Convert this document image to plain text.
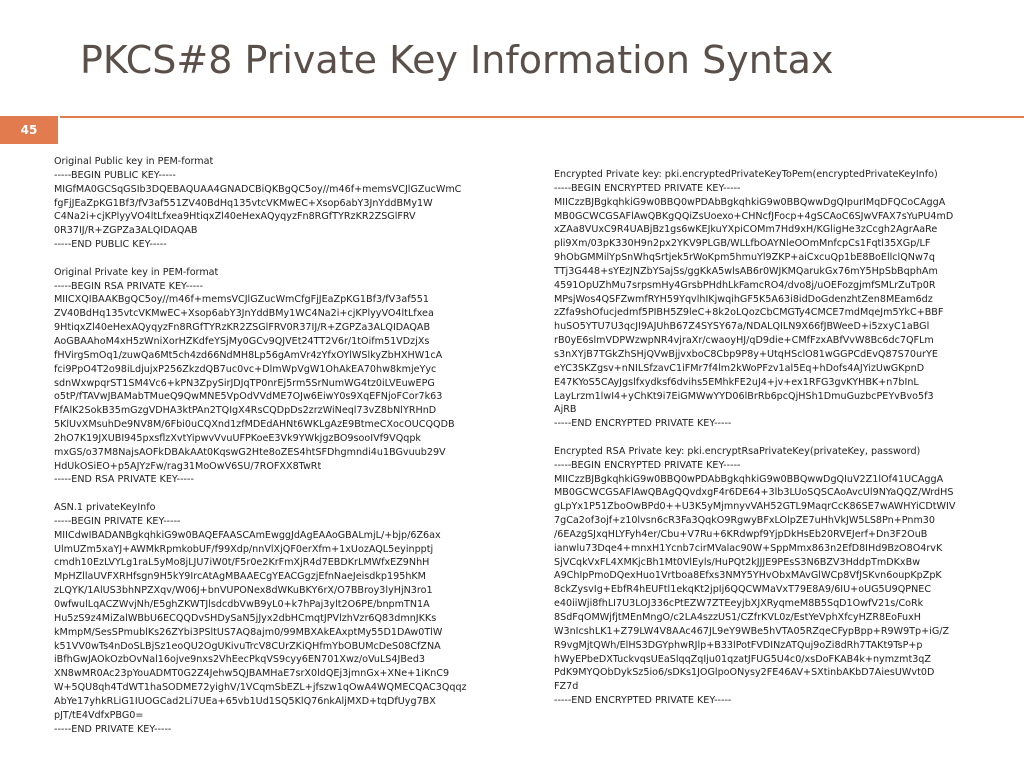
PKCS#8 Private Key Information Syntax
45
Original Public key in PEM-format
-----BEGIN PUBLIC KEY-----
MIGfMA0GCSqGSIb3DQEBAQUAA4GNADCBiQKBgQC5oy//m46f+memsVCJlGZucWmC
fgFjJEaZpKG1Bf3/fV3af551ZV40BdHq135vtcVKMwEC+Xsop6abY3JnYddBMy1W
C4Na2i+cjKPlyyVO4ltLfxea9HtiqxZl40eHexAQyqyzFn8RGfTYRzKR2ZSGlFRV
0R37IJ/R+ZGPZa3ALQIDAQAB
-----END PUBLIC KEY-----
Original Private key in PEM-format
-----BEGIN RSA PRIVATE KEY-----
MIICXQIBAAKBgQC5oy//m46f+memsVCJlGZucWmCfgFjJEaZpKG1Bf3/fV3af551
ZV40BdHq135vtcVKMwEC+Xsop6abY3JnYddBMy1WC4Na2i+cjKPlyyVO4ltLfxea
9HtiqxZl40eHexAQyqyzFn8RGfTYRzKR2ZSGlFRV0R37IJ/R+ZGPZa3ALQIDAQAB
AoGBAAhoM4xH5zWniXorHZKdfeYSjMy0GCv9QJVEt24TT2V6r/1tOifm51VDzjXs
fHVirgSmOq1/zuwQa6Mt5ch4zd66NdMH8Lp56gAmVr4zYfxOYlWSlkyZbHXHW1cA
fci9PpO4T2o98iLdjujxP256ZkzdQB7uc0vc+DlmWpVgW1OhAkEA70hw8kmjeYyc
sdnWxwpqrST1SM4Vc6+kPN3ZpySirJDJqTP0nrEj5rm5SrNumWG4tz0iLVEuwEPG
o5tP/fTAVwJBAMabTMueQ9QwMNE5VpOdVVdME7OJw6EiwY0s9XqEFNjoFCor7k63
FfAlK2SokB35mGzgVDHA3ktPAn2TQIgX4RsCQDpDs2zrzWiNeql73vZ8bNlYRHnD
5KlUvXMsuhDe9NV8M/6Fbi0uCQXnd1zfMDEdAHNt6WKLgAzE9BtmeCXocOUCQQDB
2hO7K19JXUBI945pxsflzXvtYipwvVvuUFPKoeE3Vk9YWkjgzBO9sooIVf9VQqpk
mxGS/o37M8NajsAOFkDBAkAAt0KqswG2Hte8oZES4htSFDhgmndi4u1BGvuub29V
HdUkOSiEO+p5AJYzFw/rag31MoOwV6SU/7ROFXX8TwRt
-----END RSA PRIVATE KEY-----
ASN.1 privateKeyInfo
-----BEGIN PRIVATE KEY-----
MIICdwIBADANBgkqhkiG9w0BAQEFAASCAmEwggJdAgEAAoGBALmjL/+bjp/6Z6ax
UlmUZm5xaYJ+AWMkRpmkobUF/f99Xdp/nnVlXjQF0erXfm+1xUozAQL5eyinpptj
cmdh10EzLVYLg1raL5yMo8jLJU7iW0t/F5r0e2KrFmXjR4d7EBDKrLMWfxEZ9NhH
MpHZllaUVFXRHfsgn9H5kY9IrcAtAgMBAAECgYEACGgzjEfnNaeJeisdkp195hKM
zLQYK/1AlUS3bhNPZXqv/W06J+bnVUPONex8dWKuBKY6rX/O7BBroy3lyHjN3ro1
0wfwulLqACZWvjNh/E5ghZKWTJlsdcdbVwB9yL0+k7hPaj3ylt2O6PE/bnpmTN1A
Hu5zS9z4MiZalWBbU6ECQQDvSHDySaN5jJyx2dbHCmqtJPVlzhVzr6Q83dmnJKKs
kMmpM/SesSPmublKs26ZYbi3PSltUS7AQ8ajm0/99MBXAkEAxptMy55D1DAw0TlW
k51VV0wTs4nDoSLBjSz1eoQU2OgUKivuTrcV8CUrZKiQHfmYbOBUMcDeS08CfZNA
iBfhGwJAOkOzbOvNal16ojve9nxs2VhEecPkqVS9cyy6EN701Xwz/oVuLS4JBed3
XN8wMR0Ac23pYouADMT0G2Z4Jehw5QJBAMHaE7srX0ldQEj3jmnGx+XNe+1iKnC9
W+5QU8qh4TdWT1haSODME72yighV/1VCqmSbEZL+jfszw1qOwA4WQMECQAC3Qqqz
AbYe17yhkRLiG1IUOGCad2Li7UEa+65vb1Ud1SQ5KlQ76nkAljMXD+tqDfUyg7BX
pJT/tE4VdfxPBG0=
-----END PRIVATE KEY-----
Encrypted Private key: pki.encryptedPrivateKeyToPem(encryptedPrivateKeyInfo)
-----BEGIN ENCRYPTED PRIVATE KEY-----
MIICzzBJBgkqhkiG9w0BBQ0wPDAbBgkqhkiG9w0BBQwwDgQIpurIMqDFQCoCAggA
MB0GCWCGSAFlAwQBKgQQiZsUoexo+CHNcfJFocp+4gSCAoC6SJwVFAX7sYuPU4mD
xZAa8VUxC9R4UABjBz1gs6wKEJkuYXpiCOMm7Hd9xH/KGligHe3zCcgh2AgrAaRe
pli9Xm/03pK330H9n2px2YKV9PLGB/WLLfbOAYNleOOmMnfcpCs1Fqtl35XGp/LF
9hObGMMilYpSnWhqSrtjek5rWoKpm5hmuYl9ZKP+aiCxcuQp1bE8BoEllclQNw7q
TTj3G448+sYEzJNZbYSajSs/ggKkA5wlsAB6r0WJKMQarukGx76mY5HpSbBqphAm
4591OpUZhMu7srpsmHy4GrsbPHdhLkFamcRO4/dvo8j/uOEFozgjmfSMLrZuTp0R
MPsjWos4QSFZwmfRYH59YqvlhIKjwqihGF5K5A63i8idDoGdenzhtZen8MEam6dz
zZfa9shOfucjedmf5PIBH5Z9leC+8k2oLQozCbCMGTy4CMCE7mdMqeJm5YkC+BBF
huSO5YTU7U3qcJI9AJUhB67Z4SYSY67a/NDALQILN9X66fJBWeeD+i5zxyC1aBGl
rB0yE6slmVDPWzwpNR4vjraXr/cwaoyHJ/qD9die+CMfFzxABfVvW8Bc6dc7QFLm
s3nXYjB7TGkZhSHjQVwBjjvxboC8Cbp9P8y+UtqHSclO81wGGPCdEvQ87S70urYE
eYC3SKZgsv+nNILSfzavC1iFMr7f4lm2kWoPFzv1al5Eq+hDofs4AJYizUwGKpnD
E47KYoS5CAyJgslfxydksf6dvihs5EMhkFE2uJ4+jv+ex1RFG3gvKYHBK+n7bInL
LayLrzm1lwI4+yChKt9i7EiGMWwYYD06lBrRb6pcQjHSh1DmuGuzbcPEYvBvo5f3
AjRB
-----END ENCRYPTED PRIVATE KEY-----
Encrypted RSA Private key: pki.encryptRsaPrivateKey(privateKey, password)
-----BEGIN ENCRYPTED PRIVATE KEY-----
MIICzzBJBgkqhkiG9w0BBQ0wPDAbBgkqhkiG9w0BBQwwDgQIuV2Z1lOf41UCAggA
MB0GCWCGSAFlAwQBAgQQvdxgF4r6DE64+3lb3LUoSQSCAoAvcUl9NYaQQZ/WrdHS
gLpYx1P51ZboOwBPd0++U3K5yMjmnyvVAH52GTL9MaqrCcK86SE7wAWHYiCDtWIV
7gCa2of3ojf+z10lvsn6cR3Fa3QqkO9RgwyBFxLOlpZE7uHhVkJW5LS8Pn+Pnm30
/6EAzgSJxqHLYFyh4er/Cbu+V7Ru+6KRdwpf9YjpDkHsEb20RVEJerf+Dn3F2OuB
ianwlu73Dqe4+mnxH1Ycnb7cirMValac90W+SppMmx863n2EfD8IHd9BzO8O4rvK
SjVCqkVxFL4XMKjcBh1Mt0VlEyls/HuPQt2kJJJE9PEsS3N6BZV3HddpTmDKxBw
A9ChIpPmoDQexHuo1Vrtboa8Efxs3NMY5YHvObxMAvGlWCp8VfJSKvn6oupKpZpK
8ckZysvIg+EbfR4hEUFtl1ekqKt2jpIj6QQCWMaVxT79E8A9/6IU+oUG5U9QPNEC
e40iiWji8fhLI7U3LOJ336cPtEZW7ZTEeyjbXJXRyqmeM8B5SqD1OwfV21s/CoRk
8SdFqOMWjfjtMEnMngO/c2LA4szzUS1/CZfrKVL0z/EstYeVphXfcyHZR8EoFuxH
W3nIcshLK1+Z79LW4V8AAc467JL9eY9WBe5hVTA05RZqeCFypBpp+R9W9Tp+iG/Z
R9vgMjtQWh/ElHS3DGYphwRJlp+B33lPotFVDINzATQuj9oZi8dRh7TAKt9TsP+p
hWyEPbeDXTuckvqsUEaSlqqZqIju01qzatJFUG5U4c0/xsDoFKAB4k+nymzmt3qZ
PdK9MYQObDykSz5io6/sDKs1JOGlpoONysy2FE46AV+SXtinbAKbD7AiesUWvt0D
FZ7d
-----END ENCRYPTED PRIVATE KEY-----
